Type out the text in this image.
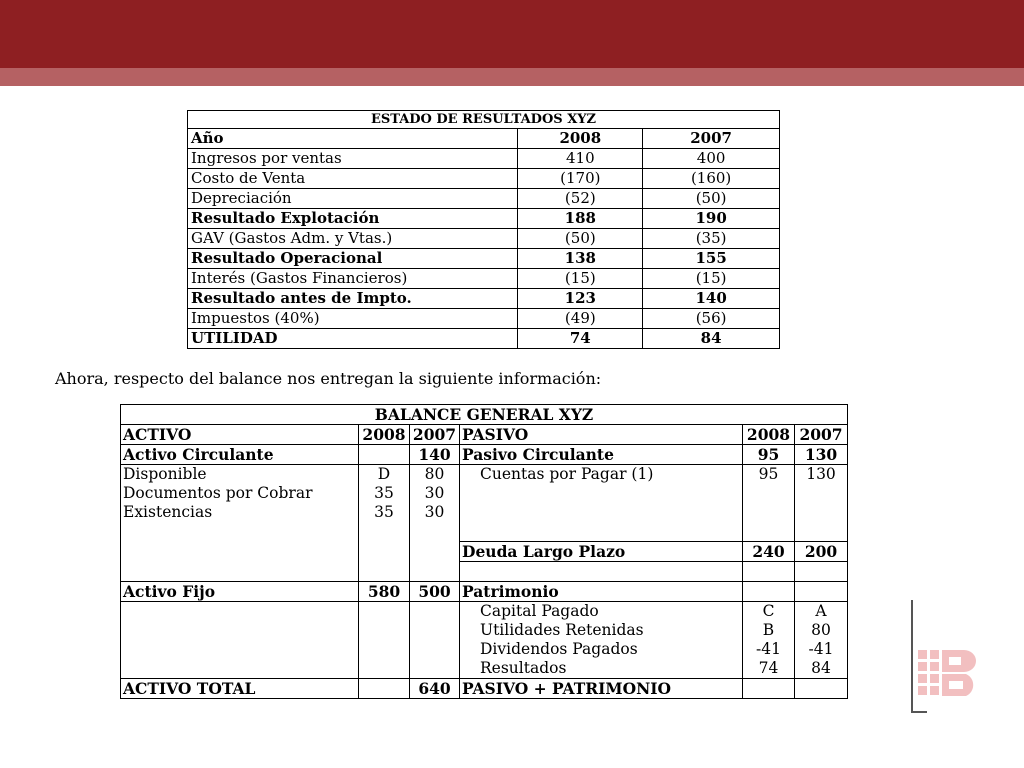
ESTADO DE RESULTADOS XYZ		
Año	2008	2007
Ingresos por ventas	410	400
Costo de Venta	(170)	(160)
Depreciación	(52)	(50)
Resultado Explotación	188	190
GAV (Gastos Adm. y Vtas.)	(50)	(35)
Resultado Operacional	138	155
Interés (Gastos Financieros)	(15)	(15)
Resultado antes de Impto.	123	140
Impuestos (40%)	(49)	(56)
UTILIDAD	74	84
Ahora, respecto del balance nos entregan la siguiente información:
BALANCE GENERAL XYZ					
ACTIVO	2008	2007	PASIVO	2008	2007
Activo Circulante		140	Pasivo Circulante	95	130
Disponible	D	80	Cuentas por Pagar (1)	95	130
Documentos por Cobrar	35	30			
Existencias	35	30			

			Deuda Largo Plazo	240	200

Activo Fijo	580	500	Patrimonio		
			Capital Pagado	C	A
			Utilidades Retenidas	B	80
			Dividendos Pagados	-41	-41
			Resultados	74	84
ACTIVO TOTAL		640	PASIVO + PATRIMONIO		
